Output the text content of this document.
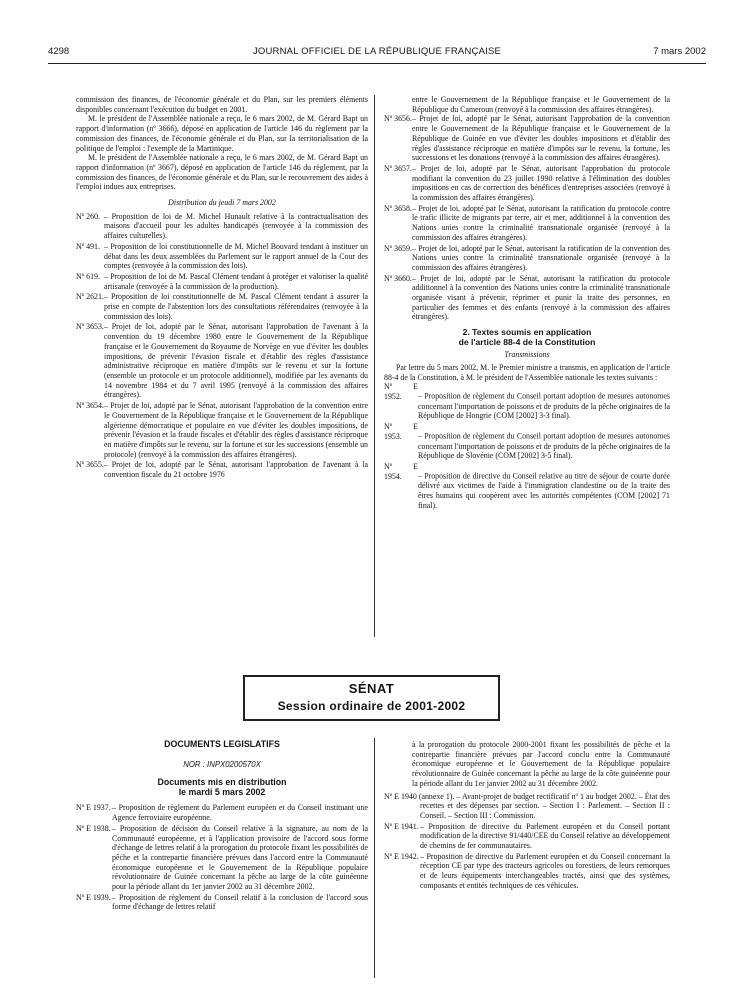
4298	JOURNAL OFFICIEL DE LA RÉPUBLIQUE FRANÇAISE	7 mars 2002

commission des finances, de l'économie générale et du Plan, sur les premiers éléments disponibles concernant l'exécution du budget en 2001.

M. le président de l'Assemblée nationale a reçu, le 6 mars 2002, de M. Gérard Bapt un rapport d'information (nº 3666), déposé en application de l'article 146 du règlement par la commission des finances, de l'économie générale et du Plan, sur la territorialisation de la politique de l'emploi : l'exemple de la Martinique.

M. le président de l'Assemblée nationale a reçu, le 6 mars 2002, de M. Gérard Bapt un rapport d'information (nº 3667), déposé en application de l'article 146 du règlement, par la commission des finances, de l'économie générale et du Plan, sur le recouvrement des aides à l'emploi indues aux entreprises.

Distribution du jeudi 7 mars 2002

Nº 260. – Proposition de loi de M. Michel Hunault relative à la contractualisation des maisons d'accueil pour les adultes handicapés (renvoyée à la commission des affaires culturelles).

Nº 491. – Proposition de loi constitutionnelle de M. Michel Bouvard tendant à instituer un débat dans les deux assemblées du Parlement sur le rapport annuel de la Cour des comptes (renvoyée à la commission des lois).

Nº 619. – Proposition de loi de M. Pascal Clément tendant à protéger et valoriser la qualité artisanale (renvoyée à la commission de la production).

Nº 2621.– Proposition de loi constitutionnelle de M. Pascal Clément tendant à assurer la prise en compte de l'abstention lors des consultations référendaires (renvoyée à la commission des lois).

Nº 3653.– Projet de loi, adopté par le Sénat, autorisant l'approbation de l'avenant à la convention du 19 décembre 1980 entre le Gouvernement de la République française et le Gouvernement du Royaume de Norvège en vue d'éviter les doubles impositions, de prévenir l'évasion fiscale et d'établir des règles d'assistance administrative réciproque en matière d'impôts sur le revenu et sur la fortune (ensemble un protocole et un protocole additionnel), modifiée par les avenants du 14 novembre 1984 et du 7 avril 1995 (renvoyé à la commission des affaires étrangères).

Nº 3654.– Projet de loi, adopté par le Sénat, autorisant l'approbation de la convention entre le Gouvernement de la République française et le Gouvernement de la République algérienne démocratique et populaire en vue d'éviter les doubles impositions, de prévenir l'évasion et la fraude fiscales et d'établir des règles d'assistance réciproque en matière d'impôts sur le revenu, sur la fortune et sur les successions (ensemble un protocole) (renvoyé à la commission des affaires étrangères).

Nº 3655.– Projet de loi, adopté par le Sénat, autorisant l'approbation de l'avenant à la convention fiscale du 21 octobre 1976

entre le Gouvernement de la République française et le Gouvernement de la République du Cameroun (renvoyé à la commission des affaires étrangères).

Nº 3656.– Projet de loi, adopté par le Sénat, autorisant l'approbation de la convention entre le Gouvernement de la République française et le Gouvernement de la République de Guinée en vue d'éviter les doubles impositions et d'établir des règles d'assistance réciproque en matière d'impôts sur le revenu, la fortune, les successions et les donations (renvoyé à la commission des affaires étrangères).

Nº 3657.– Projet de loi, adopté par le Sénat, autorisant l'approbation du protocole modifiant la convention du 23 juillet 1990 relative à l'élimination des doubles impositions en cas de correction des bénéfices d'entreprises associées (renvoyé à la commission des affaires étrangères).

Nº 3658.– Projet de loi, adopté par le Sénat, autorisant la ratification du protocole contre le trafic illicite de migrants par terre, air et mer, additionnel à la convention des Nations unies contre la criminalité transnationale organisée (renvoyé à la commission des affaires étrangères).

Nº 3659.– Projet de loi, adopté par le Sénat, autorisant la ratification de la convention des Nations unies contre la criminalité transnationale organisée (renvoyé à la commission des affaires étrangères).

Nº 3660.– Projet de loi, adopté par le Sénat, autorisant la ratification du protocole additionnel à la convention des Nations unies contre la criminalité transnationale organisée visant à prévenir, réprimer et punir la traite des personnes, en particulier des femmes et des enfants (renvoyé à la commission des affaires étrangères).

2. Textes soumis en application
de l'article 88-4 de la Constitution

Transmissions

Par lettre du 5 mars 2002, M. le Premier ministre a transmis, en application de l'article 88-4 de la Constitution, à M. le président de l'Assemblée nationale les textes suivants :

Nº E 1952. – Proposition de règlement du Conseil portant adoption de mesures autonomes concernant l'importation de poissons et de produits de la pêche originaires de la République de Hongrie (COM [2002] 3-3 final).

Nº E 1953. – Proposition de règlement du Conseil portant adoption de mesures autonomes concernant l'importation de poissons et de produits de la pêche originaires de la République de Slovénie (COM [2002] 3-5 final).

Nº E 1954. – Proposition de directive du Conseil relative au titre de séjour de courte durée délivré aux victimes de l'aide à l'immigration clandestine ou de la traite des êtres humains qui coopèrent avec les autorités compétentes (COM [2002] 71 final).

SÉNAT
Session ordinaire de 2001-2002

DOCUMENTS LÉGISLATIFS

NOR : INPX0200570X

Documents mis en distribution
le mardi 5 mars 2002

Nº E 1937.– Proposition de règlement du Parlement européen et du Conseil instituant une Agence ferroviaire européenne.

Nº E 1938.– Proposition de décision du Conseil relative à la signature, au nom de la Communauté européenne, et à l'application provisoire de l'accord sous forme d'échange de lettres relatif à la prorogation du protocole fixant les possibilités de pêche et la contrepartie financière prévues dans l'accord entre la Communauté économique européenne et le Gouvernement de la République populaire révolutionnaire de Guinée concernant la pêche au large de la côte guinéenne pour la période allant du 1er janvier 2002 au 31 décembre 2002.

Nº E 1939.– Proposition de règlement du Conseil relatif à la conclusion de l'accord sous forme d'échange de lettres relatif

à la prorogation du protocole 2000-2001 fixant les possibilités de pêche et la contrepartie financière prévues par l'accord conclu entre la Communauté économique européenne et le Gouvernement de la République populaire révolutionnaire de Guinée concernant la pêche au large de la côte guinéenne pour la période allant du 1er janvier 2002 au 31 décembre 2002.

Nº E 1940 (annexe 1). – Avant-projet de budget rectificatif nº 1 au budget 2002. – État des recettes et des dépenses par section. – Section I : Parlement. – Section II : Conseil. – Section III : Commission.

Nº E 1941.– Proposition de directive du Parlement européen et du Conseil portant modification de la directive 91/440/CEE du Conseil relative au développement de chemins de fer communautaires.

Nº E 1942.– Proposition de directive du Parlement européen et du Conseil concernant la réception CE par type des tracteurs agricoles ou forestiers, de leurs remorques et de leurs équipements interchangeables tractés, ainsi que des systèmes, composants et entités techniques de ces véhicules.
